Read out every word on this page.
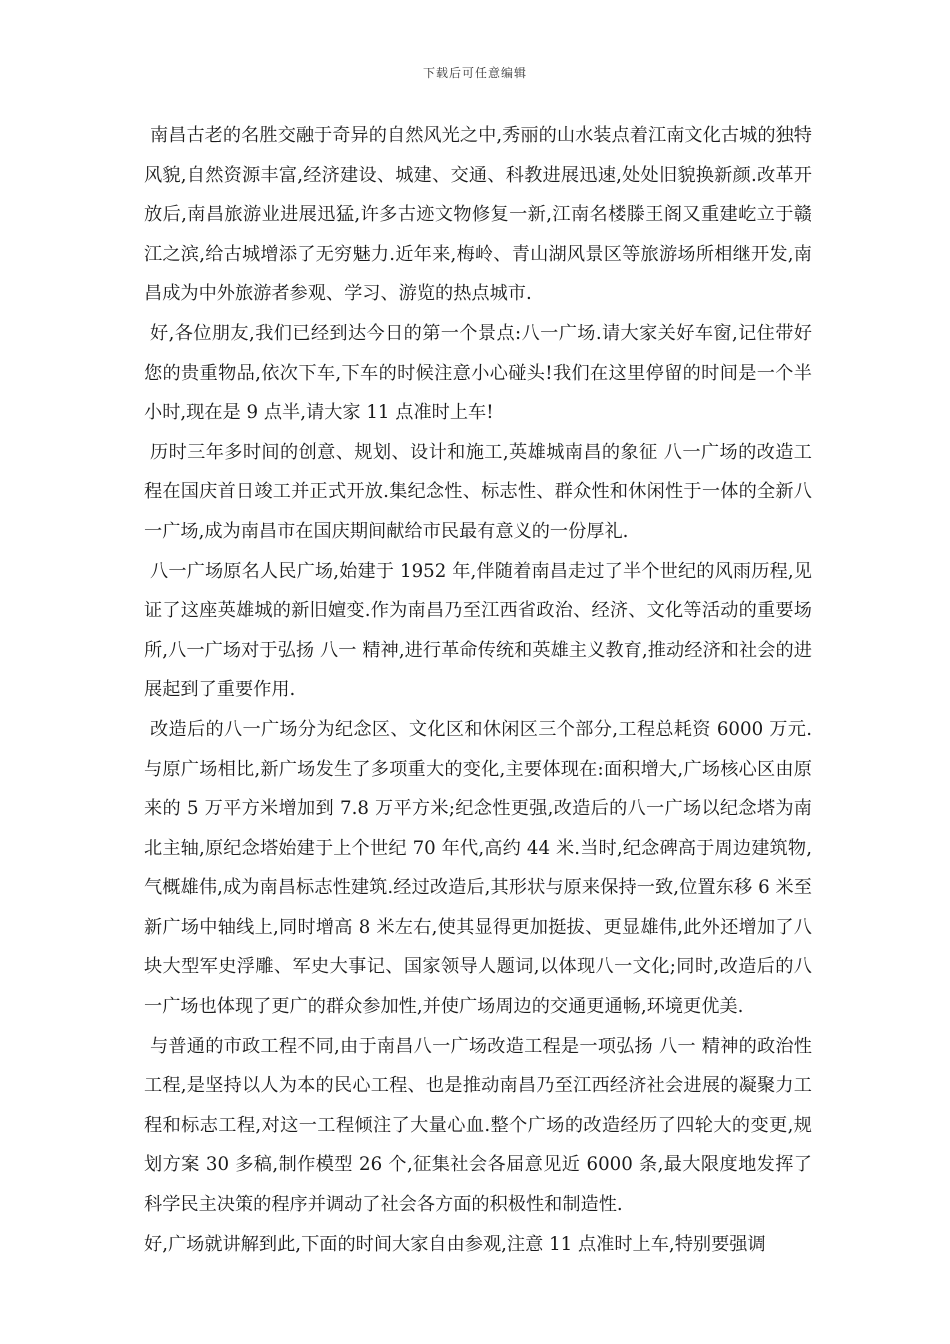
下载后可任意编辑

南昌古老的名胜交融于奇异的自然风光之中,秀丽的山水装点着江南文化古城的独特风貌,自然资源丰富,经济建设、城建、交通、科教进展迅速,处处旧貌换新颜.改革开放后,南昌旅游业进展迅猛,许多古迹文物修复一新,江南名楼滕王阁又重建屹立于赣江之滨,给古城增添了无穷魅力.近年来,梅岭、青山湖风景区等旅游场所相继开发,南昌成为中外旅游者参观、学习、游览的热点城市.

好,各位朋友,我们已经到达今日的第一个景点:八一广场.请大家关好车窗,记住带好您的贵重物品,依次下车,下车的时候注意小心碰头!我们在这里停留的时间是一个半小时,现在是 9 点半,请大家 11 点准时上车!

历时三年多时间的创意、规划、设计和施工,英雄城南昌的象征 八一广场的改造工程在国庆首日竣工并正式开放.集纪念性、标志性、群众性和休闲性于一体的全新八一广场,成为南昌市在国庆期间献给市民最有意义的一份厚礼.

八一广场原名人民广场,始建于 1952 年,伴随着南昌走过了半个世纪的风雨历程,见证了这座英雄城的新旧嬗变.作为南昌乃至江西省政治、经济、文化等活动的重要场所,八一广场对于弘扬 八一 精神,进行革命传统和英雄主义教育,推动经济和社会的进展起到了重要作用.

改造后的八一广场分为纪念区、文化区和休闲区三个部分,工程总耗资 6000 万元.与原广场相比,新广场发生了多项重大的变化,主要体现在:面积增大,广场核心区由原来的 5 万平方米增加到 7.8 万平方米;纪念性更强,改造后的八一广场以纪念塔为南北主轴,原纪念塔始建于上个世纪 70 年代,高约 44 米.当时,纪念碑高于周边建筑物,气概雄伟,成为南昌标志性建筑.经过改造后,其形状与原来保持一致,位置东移 6 米至新广场中轴线上,同时增高 8 米左右,使其显得更加挺拔、更显雄伟,此外还增加了八块大型军史浮雕、军史大事记、国家领导人题词,以体现八一文化;同时,改造后的八一广场也体现了更广的群众参加性,并使广场周边的交通更通畅,环境更优美.

与普通的市政工程不同,由于南昌八一广场改造工程是一项弘扬 八一 精神的政治性工程,是坚持以人为本的民心工程、也是推动南昌乃至江西经济社会进展的凝聚力工程和标志工程,对这一工程倾注了大量心血.整个广场的改造经历了四轮大的变更,规划方案 30 多稿,制作模型 26 个,征集社会各届意见近 6000 条,最大限度地发挥了科学民主决策的程序并调动了社会各方面的积极性和制造性.

好,广场就讲解到此,下面的时间大家自由参观,注意 11 点准时上车,特别要强调
